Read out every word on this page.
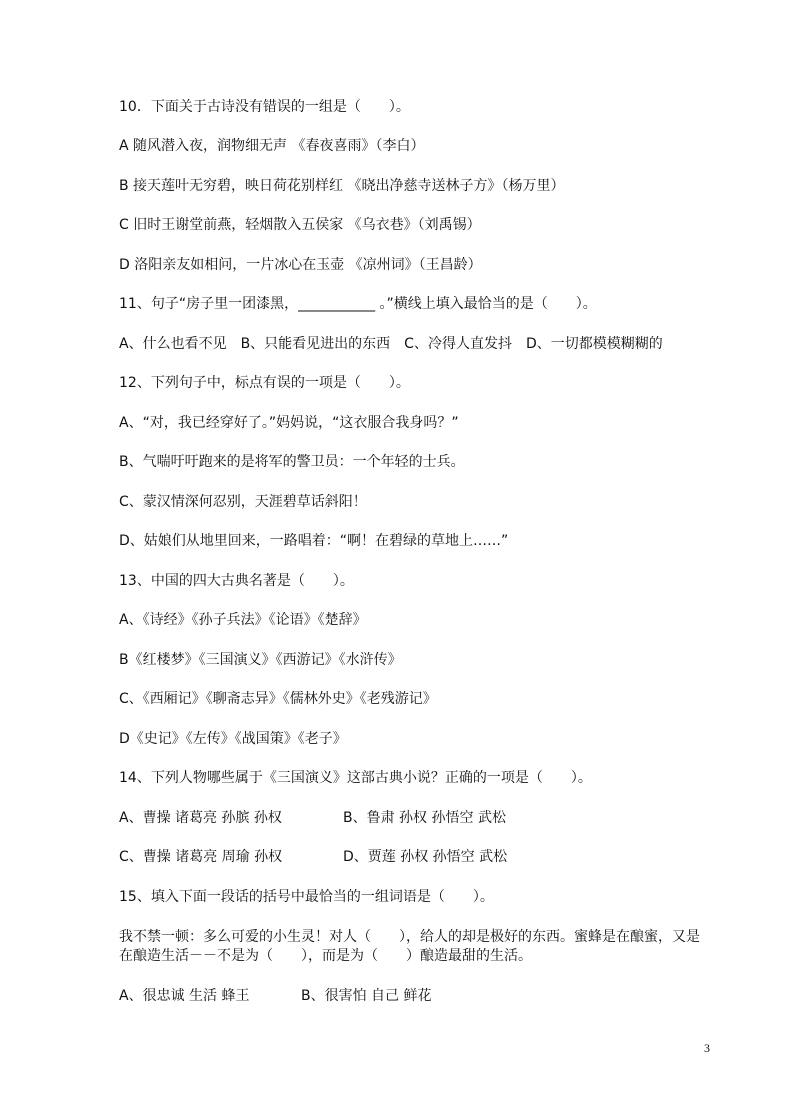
10．下面关于古诗没有错误的一组是（　　）。
A 随风潜入夜，润物细无声 《春夜喜雨》（李白）
B 接天莲叶无穷碧，映日荷花别样红 《晓出净慈寺送林子方》（杨万里）
C 旧时王谢堂前燕，轻烟散入五侯家 《乌衣巷》（刘禹锡）
D 洛阳亲友如相问，一片冰心在玉壶 《凉州词》（王昌龄）
11、句子“房子里一团漆黑，___________ 。”横线上填入最恰当的是（　　）。
A、什么也看不见　B、只能看见进出的东西　C、冷得人直发抖　D、一切都模模糊糊的
12、下列句子中，标点有误的一项是（　　）。
A、“对，我已经穿好了。”妈妈说，“这衣服合我身吗？”
B、气喘吁吁跑来的是将军的警卫员：一个年轻的士兵。
C、蒙汉情深何忍别，天涯碧草话斜阳！
D、姑娘们从地里回来，一路唱着：“啊！在碧绿的草地上……”
13、中国的四大古典名著是（　　）。
A、《诗经》《孙子兵法》《论语》《楚辞》
B《红楼梦》《三国演义》《西游记》《水浒传》
C、《西厢记》《聊斋志异》《儒林外史》《老残游记》
D《史记》《左传》《战国策》《老子》
14、下列人物哪些属于《三国演义》这部古典小说？正确的一项是（　　）。
A、曹操 诸葛亮 孙膑 孙权	B、鲁肃 孙权 孙悟空 武松
C、曹操 诸葛亮 周瑜 孙权	D、贾莲 孙权 孙悟空 武松
15、填入下面一段话的括号中最恰当的一组词语是（　　）。
我不禁一顿：多么可爱的小生灵！对人（　　），给人的却是极好的东西。蜜蜂是在酿蜜，又是
在酿造生活－－不是为（　　），而是为（　　）酿造最甜的生活。
A、很忠诚 生活 蜂王	B、很害怕 自己 鲜花
3
